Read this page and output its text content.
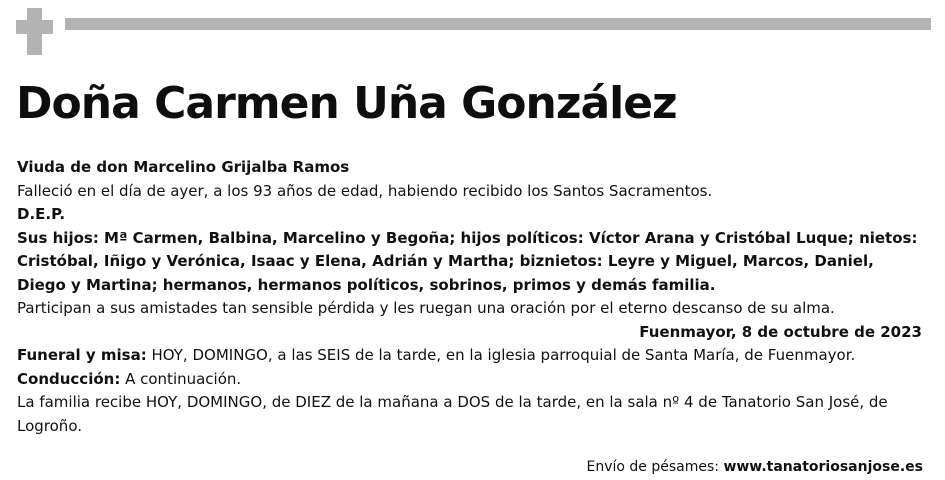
Doña Carmen Uña González

Viuda de don Marcelino Grijalba Ramos

Falleció en el día de ayer, a los 93 años de edad, habiendo recibido los Santos Sacramentos.

D.E.P.

Sus hijos: Mª Carmen, Balbina, Marcelino y Begoña; hijos políticos: Víctor Arana y Cristóbal Luque; nietos: Cristóbal, Iñigo y Verónica, Isaac y Elena, Adrián y Martha; biznietos: Leyre y Miguel, Marcos, Daniel, Diego y Martina; hermanos, hermanos políticos, sobrinos, primos y demás familia.

Participan a sus amistades tan sensible pérdida y les ruegan una oración por el eterno descanso de su alma.

Fuenmayor, 8 de octubre de 2023

Funeral y misa: HOY, DOMINGO, a las SEIS de la tarde, en la iglesia parroquial de Santa María, de Fuenmayor.

Conducción: A continuación.

La familia recibe HOY, DOMINGO, de DIEZ de la mañana a DOS de la tarde, en la sala nº 4 de Tanatorio San José, de Logroño.

Envío de pésames: www.tanatoriosanjose.es
